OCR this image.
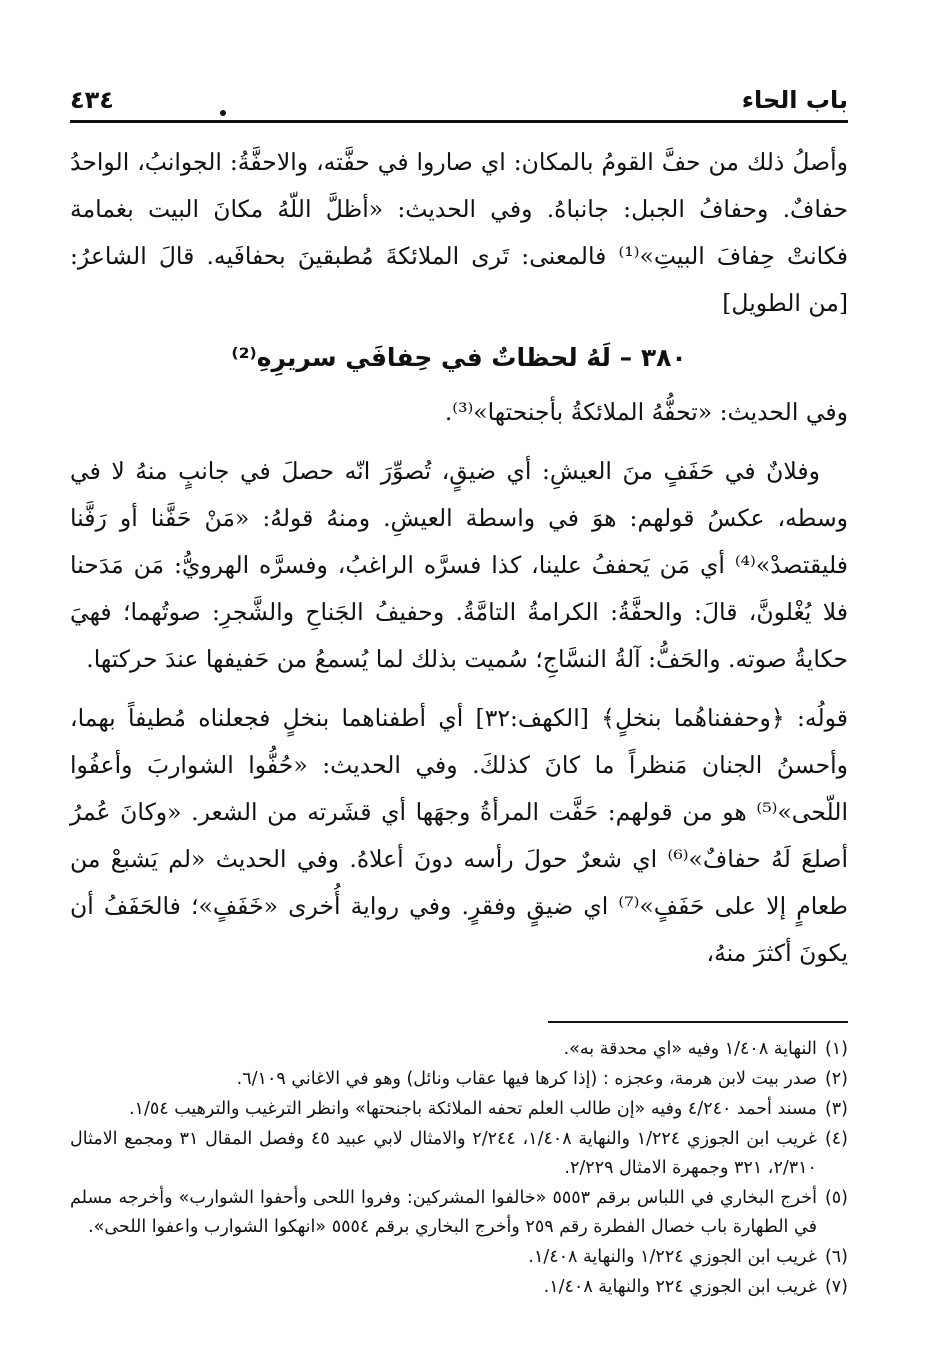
باب الحاء
٤٣٤

وأصلُ ذلك من حفَّ القومُ بالمكان: اي صاروا في حفَّته، والاحفَّةُ: الجوانبُ، الواحدُ حفافٌ. وحفافُ الجبل: جانباهُ. وفي الحديث: «أظلَّ اللّهُ مكانَ البيت بغمامة فكانتْ حِفافَ البيتِ»⁽¹⁾ فالمعنى: تَرى الملائكةَ مُطبقينَ بحفافَيه. قالَ الشاعرُ: [من الطويل]

٣٨٠ – لَهُ لحظاتٌ في حِفافَي سريرِهِ⁽²⁾

وفي الحديث: «تحفُّهُ الملائكةُ بأجنحتها»⁽³⁾.

وفلانٌ في حَفَفٍ منَ العيشِ: أي ضيقٍ، تُصوِّرَ انّه حصلَ في جانبٍ منهُ لا في وسطه، عكسُ قولهم: هوَ في واسطة العيشِ. ومنهُ قولهُ: «مَنْ حَفَّنا أو رَفَّنا فليقتصدْ»⁽⁴⁾ أي مَن يَحففُ علينا، كذا فسرَّه الراغبُ، وفسرَّه الهرويُّ: مَن مَدَحنا فلا يُغْلونَّ، قالَ: والحفَّةُ: الكرامةُ التامَّةُ. وحفيفُ الجَناحِ والشَّجرِ: صوتُهما؛ فهيَ حكايةُ صوته. والحَفُّ: آلةُ النسَّاجِ؛ سُميت بذلك لما يُسمعُ من حَفيفها عندَ حركتها.

قولُه: ﴿وحففناهُما بنخلٍ﴾ [الكهف:٣٢] أي أطفناهما بنخلٍ فجعلناه مُطيفاً بهما، وأحسنُ الجنان مَنظراً ما كانَ كذلكَ. وفي الحديث: «حُفُّوا الشواربَ وأعفُوا اللّحى»⁽⁵⁾ هو من قولهم: حَفَّت المرأةُ وجهَها أي قشَرته من الشعر. «وكانَ عُمرُ أصلعَ لَهُ حفافٌ»⁽⁶⁾ اي شعرٌ حولَ رأسه دونَ أعلاهُ. وفي الحديث «لم يَشبعْ من طعامٍ إلا على حَفَفٍ»⁽⁷⁾ اي ضيقٍ وفقرٍ. وفي رواية أُخرى «خَفَفٍ»؛ فالحَفَفُ أن يكونَ أكثرَ منهُ،

(١)
النهاية ١/٤٠٨ وفيه «اي محدقة به».
(٢)
صدر بيت لابن هرمة، وعجزه : (إذا كرها فيها عقاب ونائل) وهو في الاغاني ٦/١٠٩.
(٣)
مسند أحمد ٤/٢٤٠ وفيه «إن طالب العلم تحفه الملائكة باجنحتها» وانظر الترغيب والترهيب ١/٥٤.
(٤)
غريب ابن الجوزي ١/٢٢٤ والنهاية ١/٤٠٨، ٢/٢٤٤ والامثال لابي عبيد ٤٥ وفصل المقال ٣١ ومجمع الامثال ٢/٣١٠، ٣٢١ وجمهرة الامثال ٢/٢٢٩.
(٥)
أخرج البخاري في اللباس برقم ٥٥٥٣ «خالفوا المشركين: وفروا اللحى وأحفوا الشوارب» وأخرجه مسلم في الطهارة باب خصال الفطرة رقم ٢٥٩ وأخرج البخاري برقم ٥٥٥٤ «انهكوا الشوارب واعفوا اللحى».
(٦)
غريب ابن الجوزي ١/٢٢٤ والنهاية ١/٤٠٨.
(٧)
غريب ابن الجوزي ٢٢٤ والنهاية ١/٤٠٨.
